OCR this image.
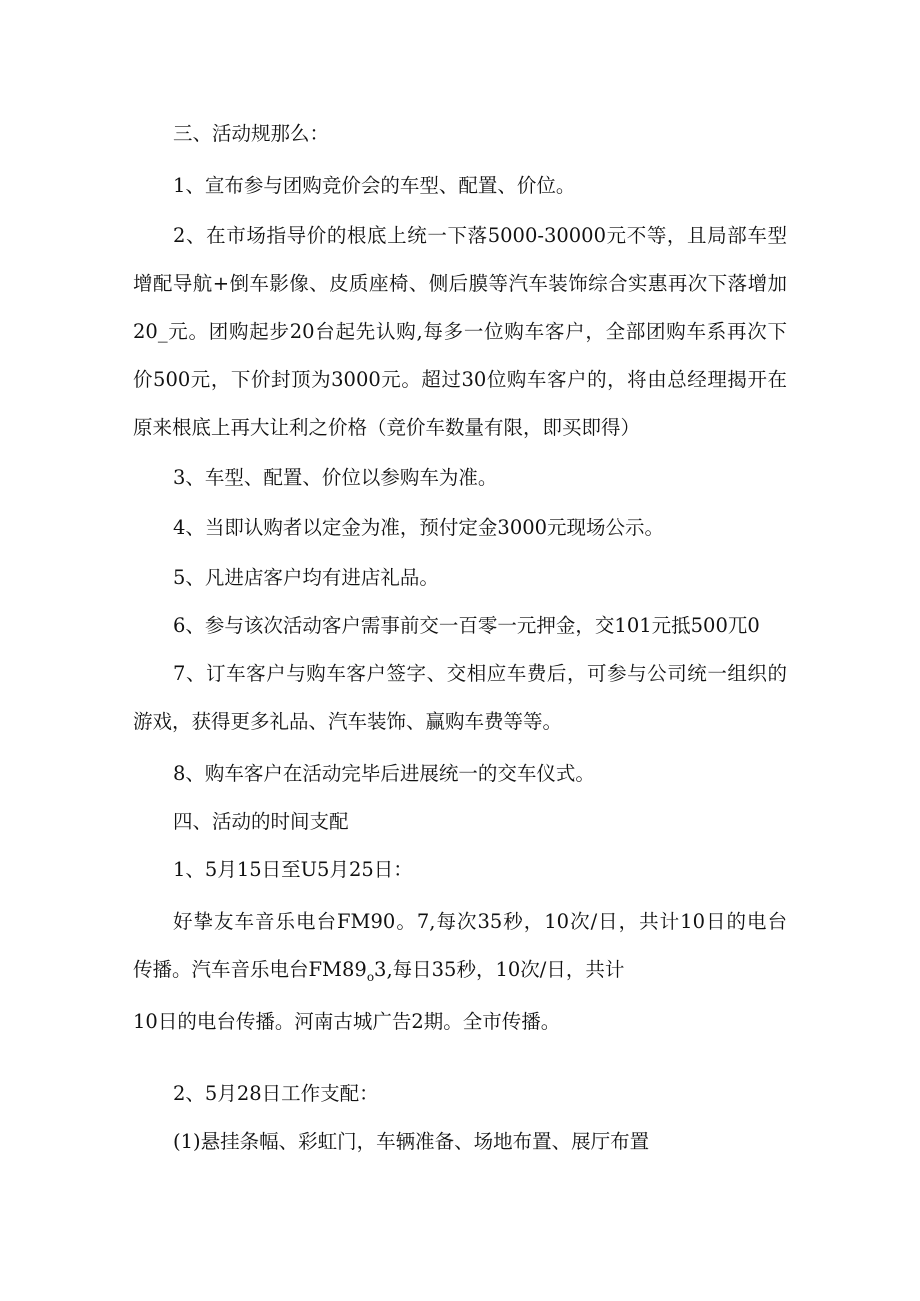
三、活动规那么：

1、宣布参与团购竞价会的车型、配置、价位。

2、在市场指导价的根底上统一下落5000-30000元不等，且局部车型

增配导航+倒车影像、皮质座椅、侧后膜等汽车装饰综合实惠再次下落增加

20_元。团购起步20台起先认购,每多一位购车客户，全部团购车系再次下

价500元，下价封顶为3000元。超过30位购车客户的，将由总经理揭开在

原来根底上再大让利之价格（竞价车数量有限，即买即得）

3、车型、配置、价位以参购车为准。

4、当即认购者以定金为准，预付定金3000元现场公示。

5、凡进店客户均有进店礼品。

6、参与该次活动客户需事前交一百零一元押金，交101元抵500兀0

7、订车客户与购车客户签字、交相应车费后，可参与公司统一组织的

游戏，获得更多礼品、汽车装饰、赢购车费等等。

8、购车客户在活动完毕后进展统一的交车仪式。

四、活动的时间支配

1、5月15日至U5月25日：

好挚友车音乐电台FM90。7,每次35秒，10次/日，共计10日的电台

传播。汽车音乐电台$FM89_o3$,每日35秒，10次/日，共计

10日的电台传播。河南古城广告2期。全市传播。

2、5月28日工作支配：

(1)悬挂条幅、彩虹门，车辆准备、场地布置、展厅布置
